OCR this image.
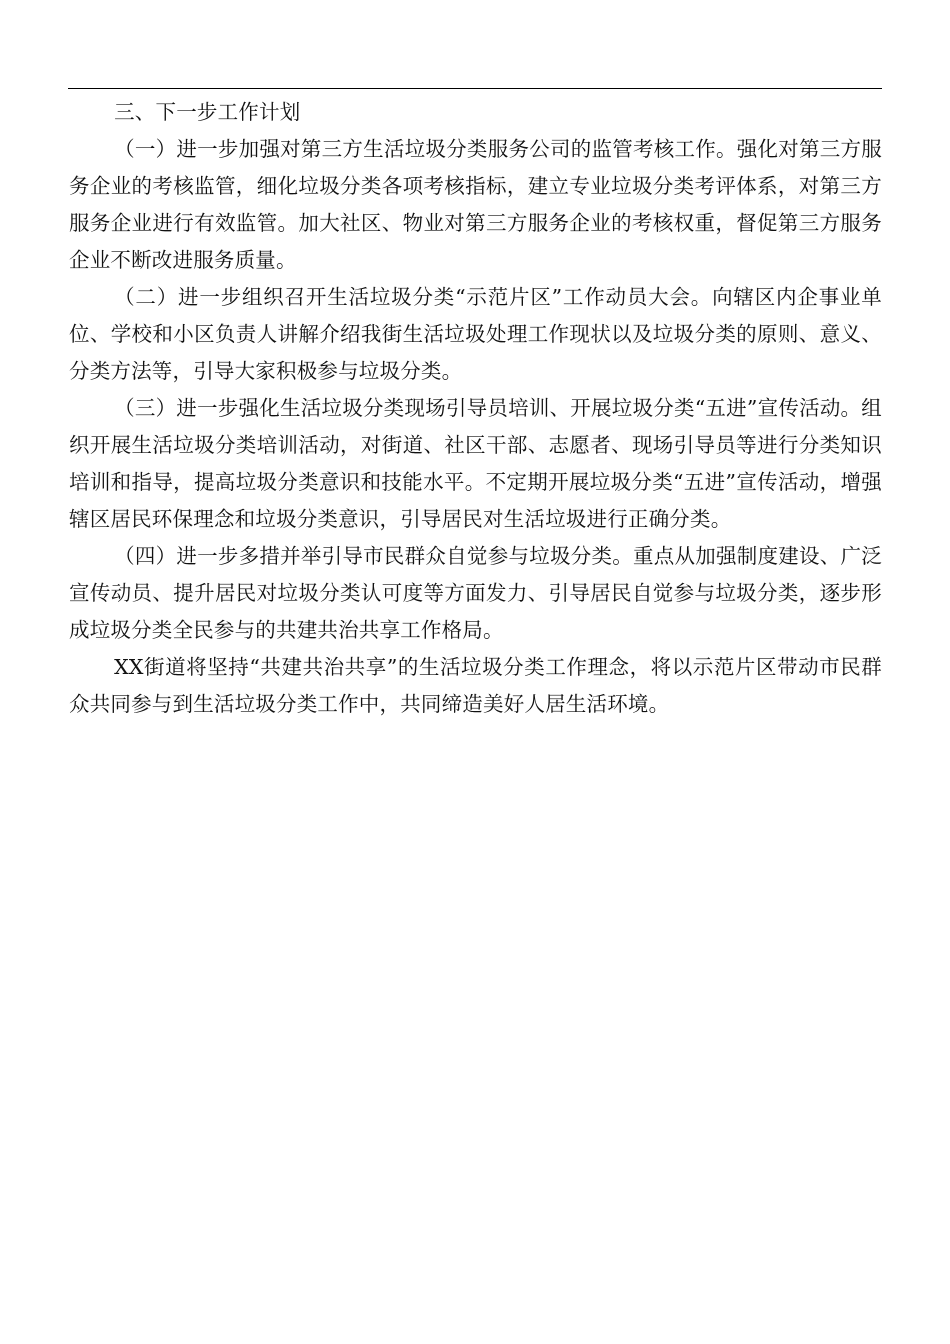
三、下一步工作计划

（一）进一步加强对第三方生活垃圾分类服务公司的监管考核工作。强化对第三方服务企业的考核监管，细化垃圾分类各项考核指标，建立专业垃圾分类考评体系，对第三方服务企业进行有效监管。加大社区、物业对第三方服务企业的考核权重，督促第三方服务企业不断改进服务质量。

（二）进一步组织召开生活垃圾分类“示范片区”工作动员大会。向辖区内企事业单位、学校和小区负责人讲解介绍我街生活垃圾处理工作现状以及垃圾分类的原则、意义、分类方法等，引导大家积极参与垃圾分类。

（三）进一步强化生活垃圾分类现场引导员培训、开展垃圾分类“五进”宣传活动。组织开展生活垃圾分类培训活动，对街道、社区干部、志愿者、现场引导员等进行分类知识培训和指导，提高垃圾分类意识和技能水平。不定期开展垃圾分类“五进”宣传活动，增强辖区居民环保理念和垃圾分类意识，引导居民对生活垃圾进行正确分类。

（四）进一步多措并举引导市民群众自觉参与垃圾分类。重点从加强制度建设、广泛宣传动员、提升居民对垃圾分类认可度等方面发力、引导居民自觉参与垃圾分类，逐步形成垃圾分类全民参与的共建共治共享工作格局。

XX街道将坚持“共建共治共享”的生活垃圾分类工作理念，将以示范片区带动市民群众共同参与到生活垃圾分类工作中，共同缔造美好人居生活环境。
